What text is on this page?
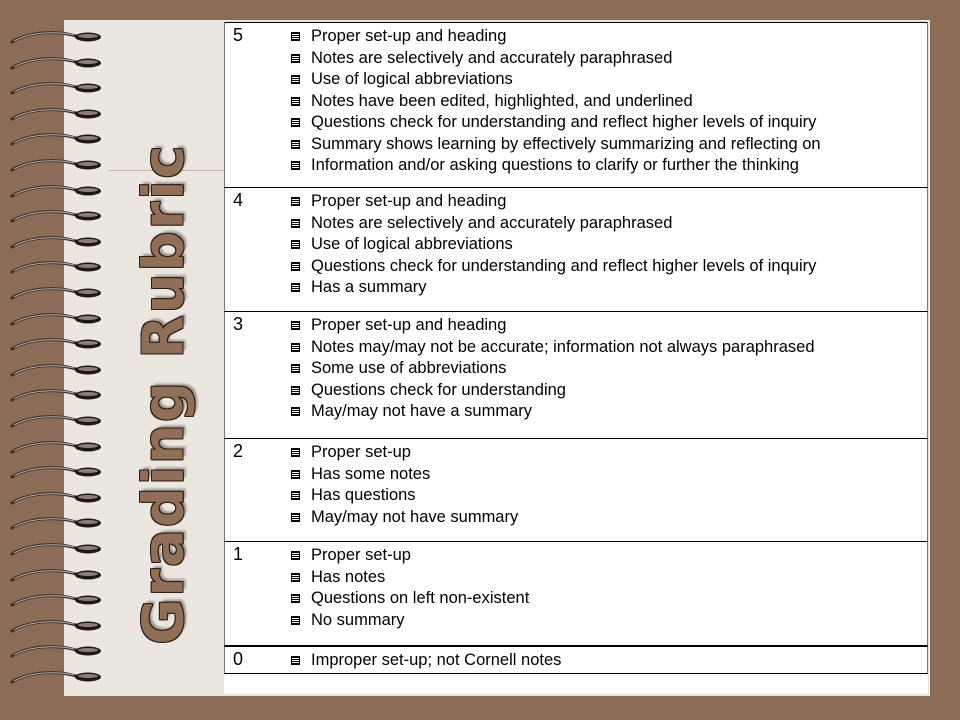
Grading Rubric
5	Proper set-up and heading
Notes are selectively and accurately paraphrased
Use of logical abbreviations
Notes have been edited, highlighted, and underlined
Questions check for understanding and reflect higher levels of inquiry
Summary shows learning by effectively summarizing and reflecting on
Information and/or asking questions to clarify or further the thinking
4	Proper set-up and heading
Notes are selectively and accurately paraphrased
Use of logical abbreviations
Questions check for understanding and reflect higher levels of inquiry
Has a summary
3	Proper set-up and heading
Notes may/may not be accurate; information not always paraphrased
Some use of abbreviations
Questions check for understanding
May/may not have a summary
2	Proper set-up
Has some notes
Has questions
May/may not have summary
1	Proper set-up
Has notes
Questions on left non-existent
No summary
0	Improper set-up; not Cornell notes
